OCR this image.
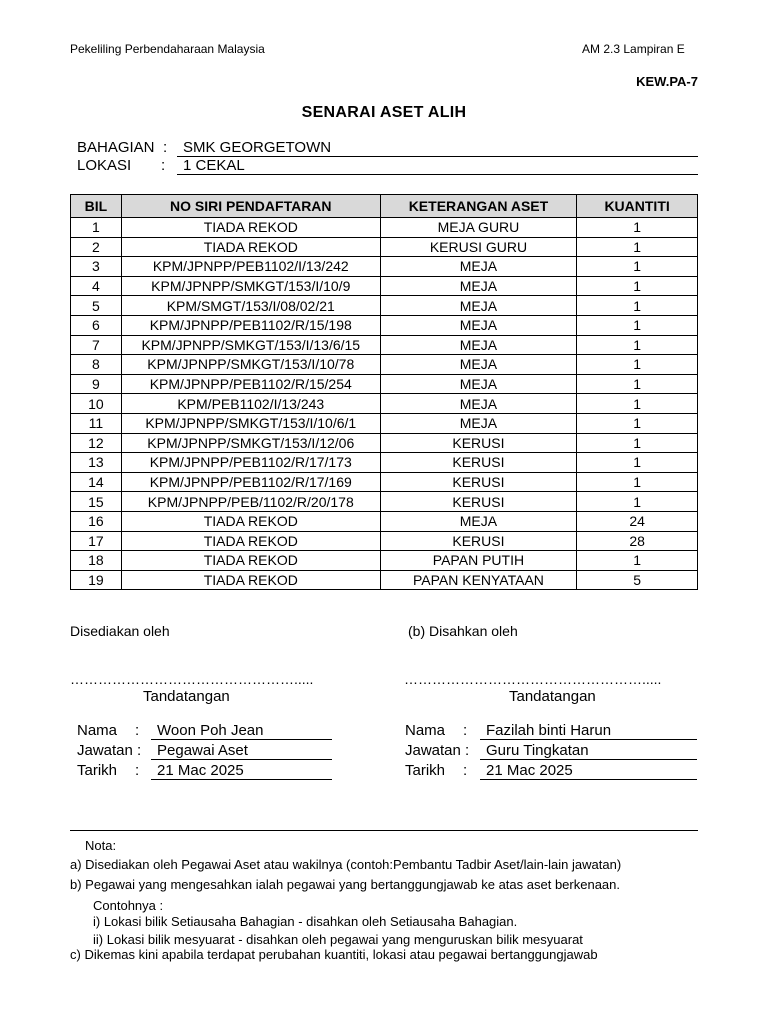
Pekeliling Perbendaharaan Malaysia	AM 2.3 Lampiran E
KEW.PA-7
SENARAI ASET ALIH
BAHAGIAN :	SMK GEORGETOWN
LOKASI :	1 CEKAL
BIL	NO SIRI PENDAFTARAN	KETERANGAN ASET	KUANTITI
1	TIADA REKOD	MEJA GURU	1
2	TIADA REKOD	KERUSI GURU	1
3	KPM/JPNPP/PEB1102/I/13/242	MEJA	1
4	KPM/JPNPP/SMKGT/153/I/10/9	MEJA	1
5	KPM/SMGT/153/I/08/02/21	MEJA	1
6	KPM/JPNPP/PEB1102/R/15/198	MEJA	1
7	KPM/JPNPP/SMKGT/153/I/13/6/15	MEJA	1
8	KPM/JPNPP/SMKGT/153/I/10/78	MEJA	1
9	KPM/JPNPP/PEB1102/R/15/254	MEJA	1
10	KPM/PEB1102/I/13/243	MEJA	1
11	KPM/JPNPP/SMKGT/153/I/10/6/1	MEJA	1
12	KPM/JPNPP/SMKGT/153/I/12/06	KERUSI	1
13	KPM/JPNPP/PEB1102/R/17/173	KERUSI	1
14	KPM/JPNPP/PEB1102/R/17/169	KERUSI	1
15	KPM/JPNPP/PEB/1102/R/20/178	KERUSI	1
16	TIADA REKOD	MEJA	24
17	TIADA REKOD	KERUSI	28
18	TIADA REKOD	PAPAN PUTIH	1
19	TIADA REKOD	PAPAN KENYATAAN	5
Disediakan oleh	(b) Disahkan oleh
………………………………………….....	…………………………………………….....
Tandatangan	Tandatangan
Nama :	Woon Poh Jean
Jawatan :	Pegawai Aset
Tarikh :	21 Mac 2025
Nama :	Fazilah binti Harun
Jawatan :	Guru Tingkatan
Tarikh :	21 Mac 2025
Nota:
a) Disediakan oleh Pegawai Aset atau wakilnya (contoh:Pembantu Tadbir Aset/lain-lain jawatan)
b) Pegawai yang mengesahkan ialah pegawai yang bertanggungjawab ke atas aset berkenaan.
Contohnya :
i) Lokasi bilik Setiausaha Bahagian - disahkan oleh Setiausaha Bahagian.
ii) Lokasi bilik mesyuarat - disahkan oleh pegawai yang menguruskan bilik mesyuarat
c) Dikemas kini apabila terdapat perubahan kuantiti, lokasi atau pegawai bertanggungjawab
